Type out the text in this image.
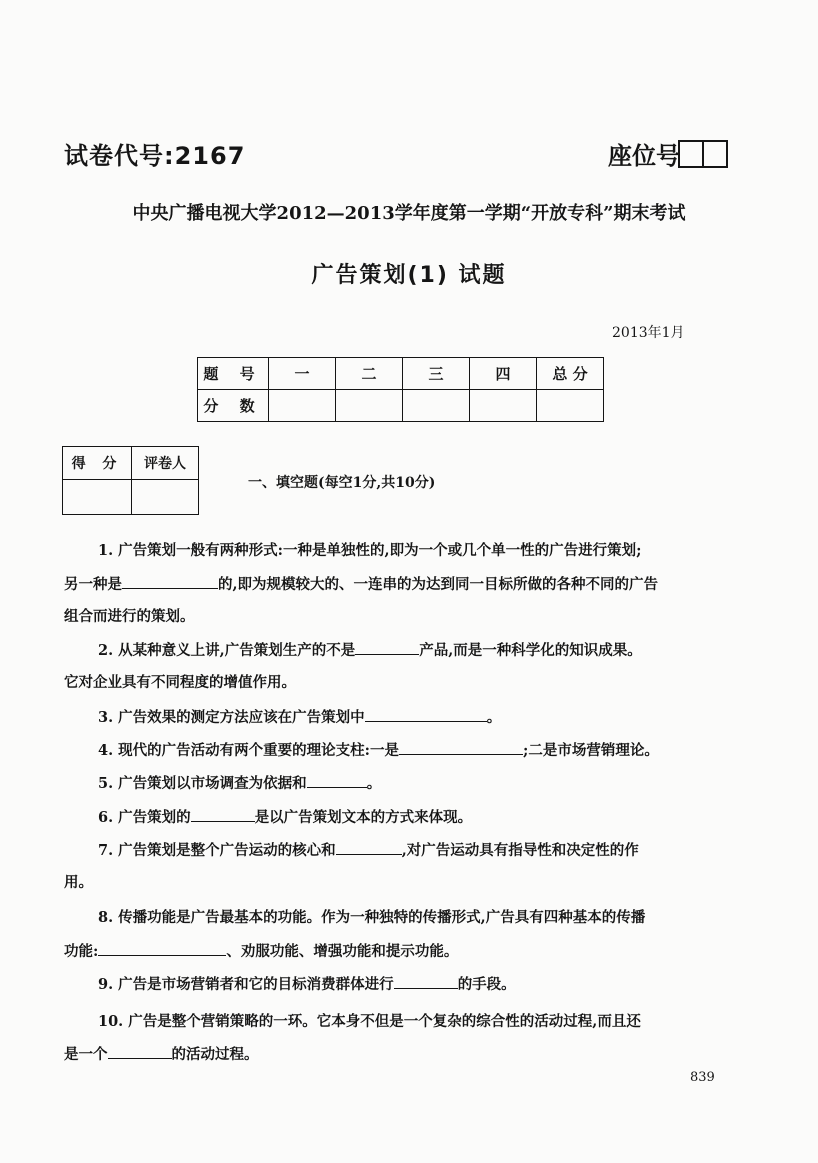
试卷代号:2167	座位号
中央广播电视大学2012—2013学年度第一学期“开放专科”期末考试
广告策划(1) 试题
2013年1月
题 号	一	二	三	四	总 分
分 数					
得 分	评卷人

一、填空题(每空1分,共10分)
1. 广告策划一般有两种形式:一种是单独性的,即为一个或几个单一性的广告进行策划;
另一种是	的,即为规模较大的、一连串的为达到同一目标所做的各种不同的广告
组合而进行的策划。
2. 从某种意义上讲,广告策划生产的不是	产品,而是一种科学化的知识成果。
它对企业具有不同程度的增值作用。
3. 广告效果的测定方法应该在广告策划中	。
4. 现代的广告活动有两个重要的理论支柱:一是	;二是市场营销理论。
5. 广告策划以市场调查为依据和	。
6. 广告策划的	是以广告策划文本的方式来体现。
7. 广告策划是整个广告运动的核心和	,对广告运动具有指导性和决定性的作
用。
8. 传播功能是广告最基本的功能。作为一种独特的传播形式,广告具有四种基本的传播
功能:	、劝服功能、增强功能和提示功能。
9. 广告是市场营销者和它的目标消费群体进行	的手段。
10. 广告是整个营销策略的一环。它本身不但是一个复杂的综合性的活动过程,而且还
是一个	的活动过程。
839
